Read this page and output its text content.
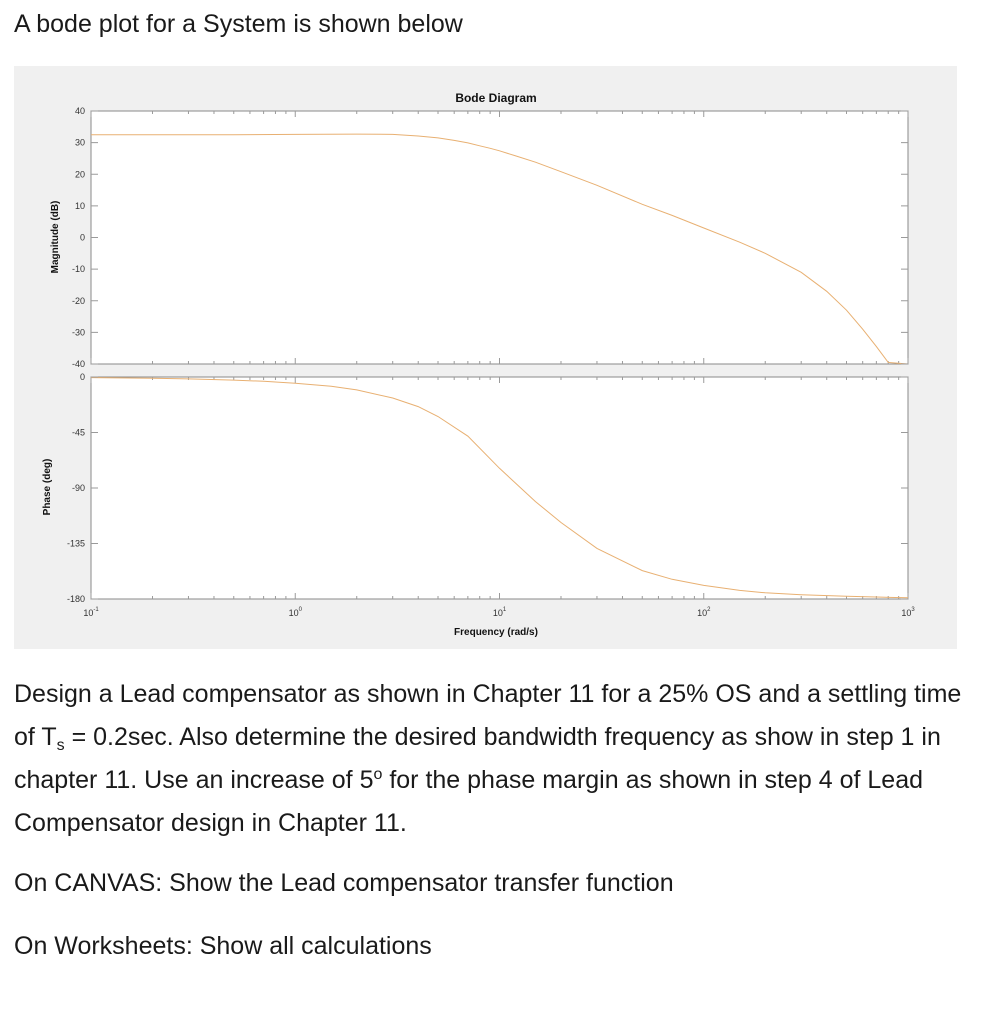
A bode plot for a System is shown below
Bode Diagram
Magnitude (dB)
Phase (deg)
Frequency (rad/s)
40
30
20
10
0
-10
-20
-30
-40
0
-45
-90
-135
-180
$10^{-1}$	$10^0$	$10^1$	$10^2$	$10^3$

Design a Lead compensator as shown in Chapter 11 for a 25% OS and a settling time of $T_s = 0.2\sec$. Also determine the desired bandwidth frequency as show in step 1 in chapter 11. Use an increase of 5$^o$ for the phase margin as shown in step 4 of Lead Compensator design in Chapter 11.

On CANVAS: Show the Lead compensator transfer function

On Worksheets: Show all calculations
